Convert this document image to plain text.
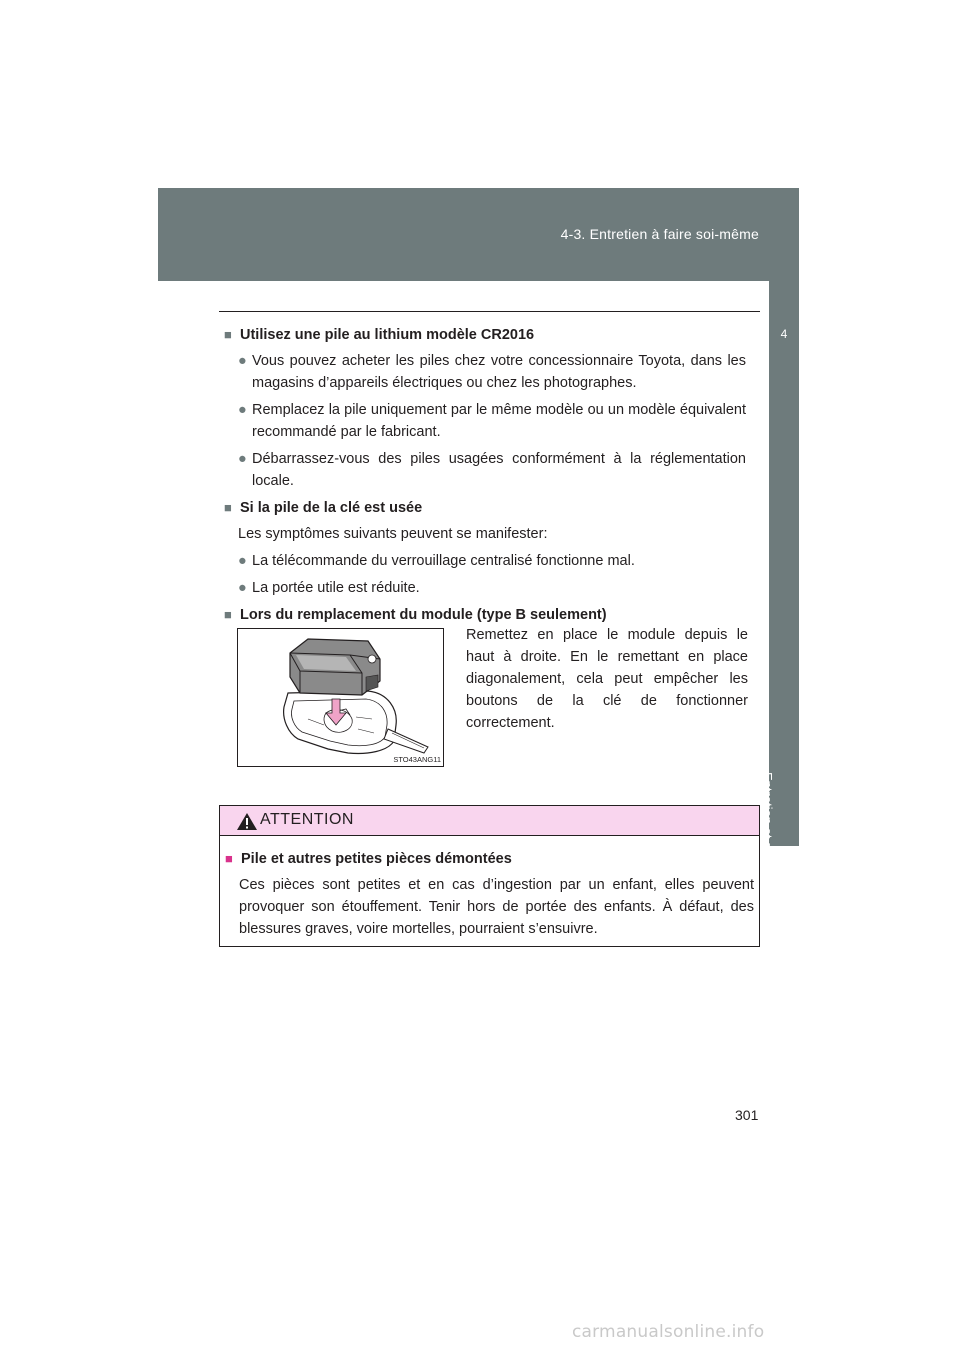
4-3. Entretien à faire soi-même
4
Entretien et soin
■ Utilisez une pile au lithium modèle CR2016
● Vous pouvez acheter les piles chez votre concessionnaire Toyota, dans les magasins d’appareils électriques ou chez les photographes.
● Remplacez la pile uniquement par le même modèle ou un modèle équivalent recommandé par le fabricant.
● Débarrassez-vous des piles usagées conformément à la réglementation locale.
■ Si la pile de la clé est usée
Les symptômes suivants peuvent se manifester:
● La télécommande du verrouillage centralisé fonctionne mal.
● La portée utile est réduite.
■ Lors du remplacement du module (type B seulement)
STO43ANG11
Remettez en place le module depuis le haut à droite. En le remettant en place diagonalement, cela peut empêcher les boutons de la clé de fonctionner correctement.
ATTENTION
■ Pile et autres petites pièces démontées
Ces pièces sont petites et en cas d’ingestion par un enfant, elles peuvent provoquer son étouffement. Tenir hors de portée des enfants. À défaut, des blessures graves, voire mortelles, pourraient s’ensuivre.
301
carmanualsonline.info
